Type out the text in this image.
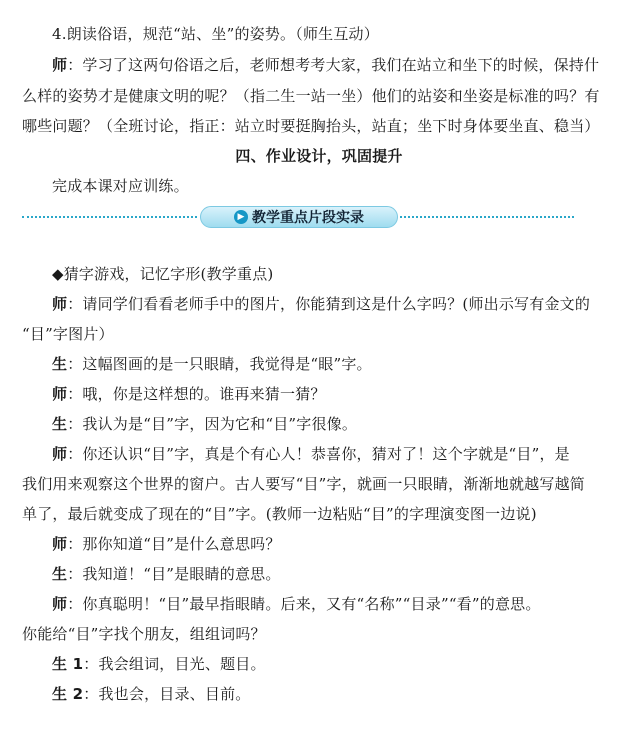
4.朗读俗语，规范“站、坐”的姿势。（师生互动）
师：学习了这两句俗语之后，老师想考考大家，我们在站立和坐下的时候，保持什
么样的姿势才是健康文明的呢？（指二生一站一坐）他们的站姿和坐姿是标准的吗？有
哪些问题？（全班讨论，指正：站立时要挺胸抬头，站直；坐下时身体要坐直、稳当）
四、作业设计，巩固提升
完成本课对应训练。
▶ 教学重点片段实录
◆猜字游戏，记忆字形(教学重点)
师：请同学们看看老师手中的图片，你能猜到这是什么字吗？(师出示写有金文的
“目”字图片）
生：这幅图画的是一只眼睛，我觉得是“眼”字。
师：哦，你是这样想的。谁再来猜一猜？
生：我认为是“目”字，因为它和“目”字很像。
师：你还认识“目”字，真是个有心人！恭喜你，猜对了！这个字就是“目”，是
我们用来观察这个世界的窗户。古人要写“目”字，就画一只眼睛，渐渐地就越写越简
单了，最后就变成了现在的“目”字。(教师一边粘贴“目”的字理演变图一边说)
师：那你知道“目”是什么意思吗？
生：我知道！“目”是眼睛的意思。
师：你真聪明！“目”最早指眼睛。后来，又有“名称”“目录”“看”的意思。
你能给“目”字找个朋友，组组词吗？
生 1：我会组词，目光、题目。
生 2：我也会，目录、目前。
